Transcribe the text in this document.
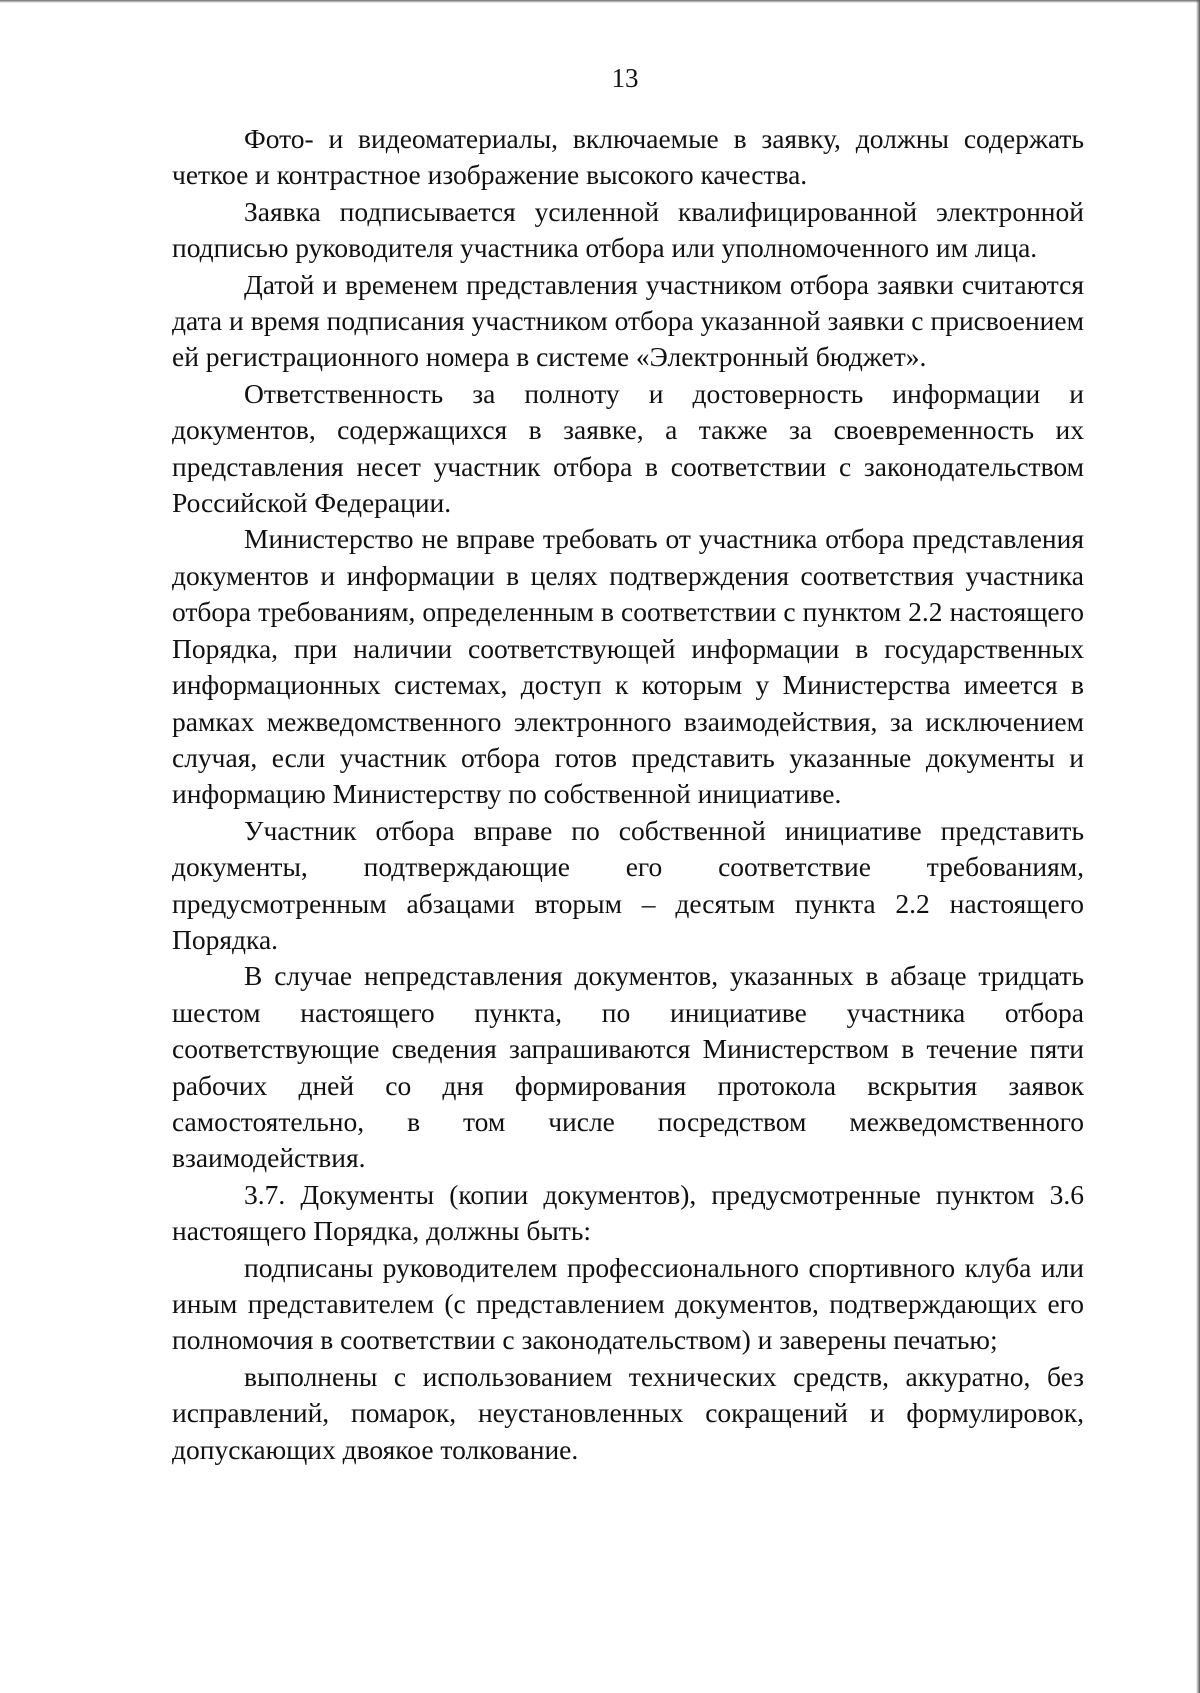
13

Фото- и видеоматериалы, включаемые в заявку, должны содержать четкое и контрастное изображение высокого качества.

Заявка подписывается усиленной квалифицированной электронной подписью руководителя участника отбора или уполномоченного им лица.

Датой и временем представления участником отбора заявки считаются дата и время подписания участником отбора указанной заявки с присвоением ей регистрационного номера в системе «Электронный бюджет».

Ответственность за полноту и достоверность информации и документов, содержащихся в заявке, а также за своевременность их представления несет участник отбора в соответствии с законодательством Российской Федерации.

Министерство не вправе требовать от участника отбора представления документов и информации в целях подтверждения соответствия участника отбора требованиям, определенным в соответствии с пунктом 2.2 настоящего Порядка, при наличии соответствующей информации в государственных информационных системах, доступ к которым у Министерства имеется в рамках межведомственного электронного взаимодействия, за исключением случая, если участник отбора готов представить указанные документы и информацию Министерству по собственной инициативе.

Участник отбора вправе по собственной инициативе представить документы, подтверждающие его соответствие требованиям, предусмотренным абзацами вторым – десятым пункта 2.2 настоящего Порядка.

В случае непредставления документов, указанных в абзаце тридцать шестом настоящего пункта, по инициативе участника отбора соответствующие сведения запрашиваются Министерством в течение пяти рабочих дней со дня формирования протокола вскрытия заявок самостоятельно, в том числе посредством межведомственного взаимодействия.

3.7. Документы (копии документов), предусмотренные пунктом 3.6 настоящего Порядка, должны быть:

подписаны руководителем профессионального спортивного клуба или иным представителем (с представлением документов, подтверждающих его полномочия в соответствии с законодательством) и заверены печатью;

выполнены с использованием технических средств, аккуратно, без исправлений, помарок, неустановленных сокращений и формулировок, допускающих двоякое толкование.
